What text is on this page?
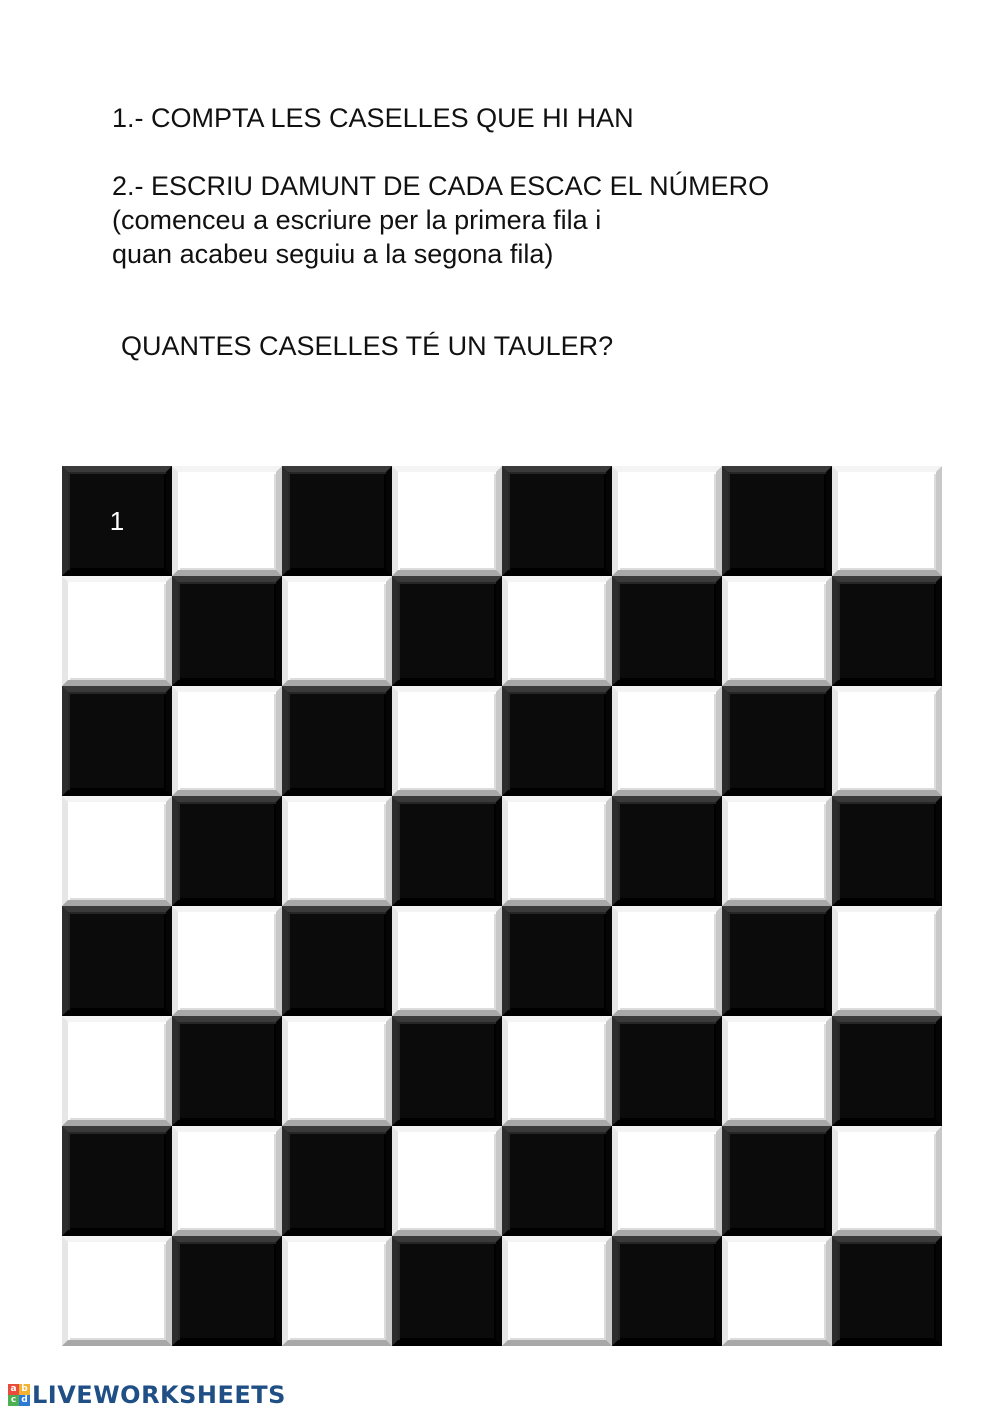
1.- COMPTA LES CASELLES QUE HI HAN

2.- ESCRIU DAMUNT DE CADA ESCAC EL NÚMERO

(comenceu a escriure per la primera fila i

quan acabeu seguiu a la segona fila)

QUANTES CASELLES TÉ UN TAULER?

1
a b
c d LIVEWORKSHEETS
